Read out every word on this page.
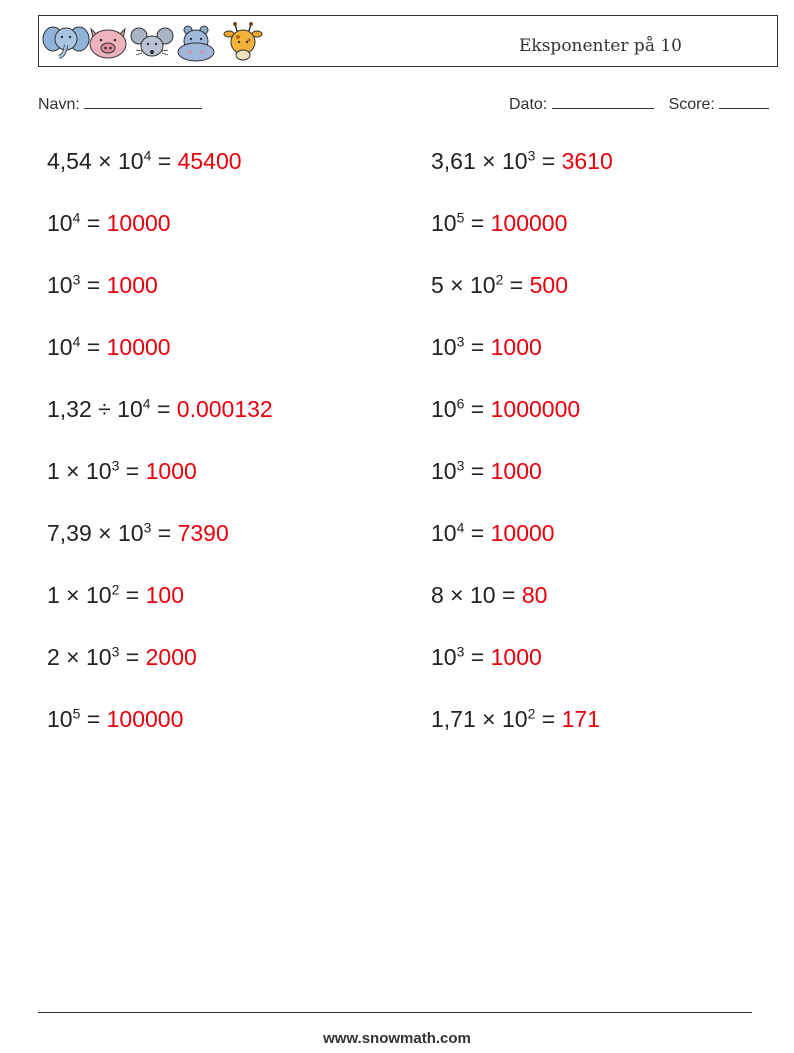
Eksponenter på 10
Navn:	Dato:	Score:
$4,54 \times 10^4 = 45400$	$3,61 \times 10^3 = 3610$
$10^4 = 10000$	$10^5 = 100000$
$10^3 = 1000$	$5 \times 10^2 = 500$
$10^4 = 10000$	$10^3 = 1000$
$1,32 \div 10^4 = 0.000132$	$10^6 = 1000000$
$1 \times 10^3 = 1000$	$10^3 = 1000$
$7,39 \times 10^3 = 7390$	$10^4 = 10000$
$1 \times 10^2 = 100$	8 × 10 = 80
$2 \times 10^3 = 2000$	$10^3 = 1000$
$10^5 = 100000$	$1,71 \times 10^2 = 171$
www.snowmath.com
